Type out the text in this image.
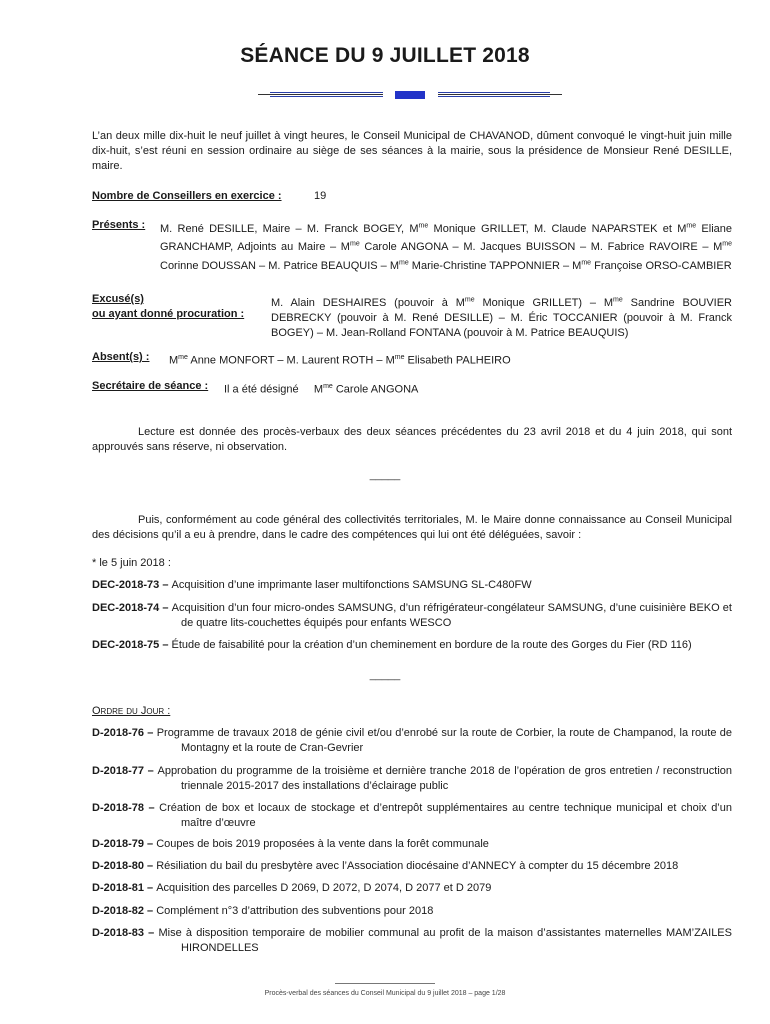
SÉANCE DU 9 JUILLET 2018
L’an deux mille dix-huit le neuf juillet à vingt heures, le Conseil Municipal de CHAVANOD, dûment convoqué le vingt-huit juin mille dix-huit, s’est réuni en session ordinaire au siège de ses séances à la mairie, sous la présidence de Monsieur René DESILLE, maire.
Nombre de Conseillers en exercice :	19
Présents :	M. René DESILLE, Maire – M. Franck BOGEY, $M^{me}$ Monique GRILLET, M. Claude NAPARSTEK et $M^{me}$ Eliane GRANCHAMP, Adjoints au Maire – $M^{me}$ Carole ANGONA – M. Jacques BUISSON – M. Fabrice RAVOIRE – $M^{me}$ Corinne DOUSSAN – M. Patrice BEAUQUIS – $M^{me}$ Marie-Christine TAPPONNIER – $M^{me}$ Françoise ORSO-CAMBIER
Excusé(s)
ou ayant donné procuration :
M. Alain DESHAIRES (pouvoir à $M^{me}$ Monique GRILLET) – $M^{me}$ Sandrine BOUVIER DEBRECKY (pouvoir à M. René DESILLE) – M. Éric TOCCANIER (pouvoir à M. Franck BOGEY) – M. Jean-Rolland FONTANA (pouvoir à M. Patrice BEAUQUIS)
Absent(s) : $M^{me}$ Anne MONFORT – M. Laurent ROTH – $M^{me}$ Elisabeth PALHEIRO
Secrétaire de séance : Il a été désigné     $M^{me}$ Carole ANGONA
Lecture est donnée des procès-verbaux des deux séances précédentes du 23 avril 2018 et du 4 juin 2018, qui sont approuvés sans réserve, ni observation.
_____
Puis, conformément au code général des collectivités territoriales, M. le Maire donne connaissance au Conseil Municipal des décisions qu’il a eu à prendre, dans le cadre des compétences qui lui ont été déléguées, savoir :
* le 5 juin 2018 :
DEC-2018-73 – Acquisition d’une imprimante laser multifonctions SAMSUNG SL-C480FW
DEC-2018-74 – Acquisition d’un four micro-ondes SAMSUNG, d’un réfrigérateur-congélateur SAMSUNG, d’une cuisinière BEKO et de quatre lits-couchettes équipés pour enfants WESCO
DEC-2018-75 – Étude de faisabilité pour la création d’un cheminement en bordure de la route des Gorges du Fier (RD 116)
_____
Ordre du Jour :
D-2018-76 – Programme de travaux 2018 de génie civil et/ou d’enrobé sur la route de Corbier, la route de Champanod, la route de Montagny et la route de Cran-Gevrier
D-2018-77 – Approbation du programme de la troisième et dernière tranche 2018 de l’opération de gros entretien / reconstruction triennale 2015-2017 des installations d’éclairage public
D-2018-78 – Création de box et locaux de stockage et d’entrepôt supplémentaires au centre technique municipal et choix d’un maître d’œuvre
D-2018-79 – Coupes de bois 2019 proposées à la vente dans la forêt communale
D-2018-80 – Résiliation du bail du presbytère avec l’Association diocésaine d’ANNECY à compter du 15 décembre 2018
D-2018-81 – Acquisition des parcelles D 2069, D 2072, D 2074, D 2077 et D 2079
D-2018-82 – Complément n°3 d’attribution des subventions pour 2018
D-2018-83 – Mise à disposition temporaire de mobilier communal au profit de la maison d’assistantes maternelles MAM’ZAILES HIRONDELLES
Procès-verbal des séances du Conseil Municipal du 9 juillet 2018 – page 1/28
